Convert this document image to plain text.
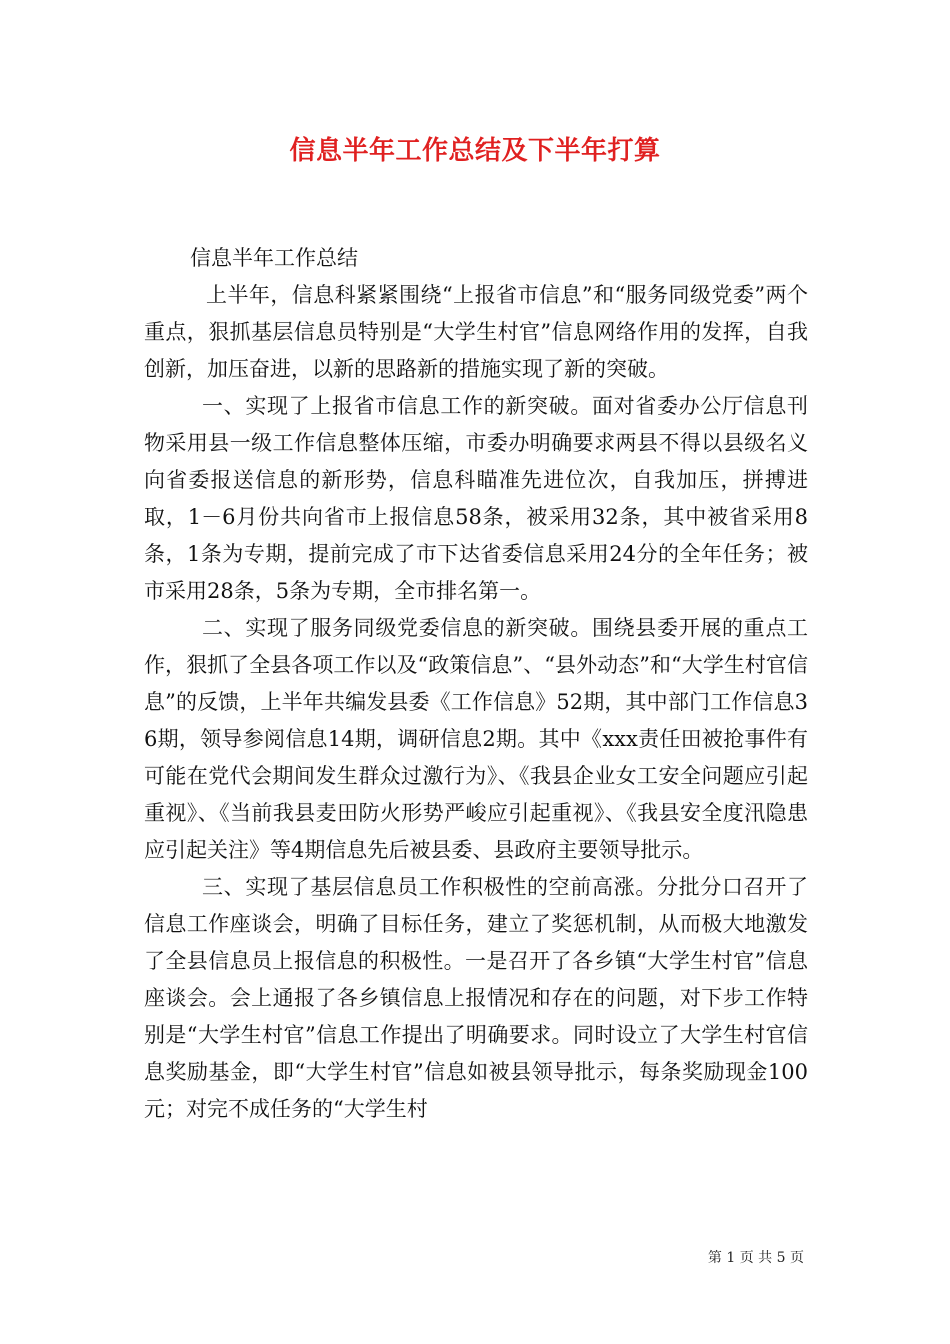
信息半年工作总结及下半年打算

信息半年工作总结

上半年，信息科紧紧围绕“上报省市信息”和“服务同级党委”两个重点，狠抓基层信息员特别是“大学生村官”信息网络作用的发挥，自我创新，加压奋进，以新的思路新的措施实现了新的突破。

一、实现了上报省市信息工作的新突破。面对省委办公厅信息刊物采用县一级工作信息整体压缩，市委办明确要求两县不得以县级名义向省委报送信息的新形势，信息科瞄准先进位次，自我加压，拼搏进取，1－6月份共向省市上报信息58条，被采用32条，其中被省采用8条，1条为专期，提前完成了市下达省委信息采用24分的全年任务；被市采用28条，5条为专期，全市排名第一。

二、实现了服务同级党委信息的新突破。围绕县委开展的重点工作，狠抓了全县各项工作以及“政策信息”、“县外动态”和“大学生村官信息”的反馈，上半年共编发县委《工作信息》52期，其中部门工作信息36期，领导参阅信息14期，调研信息2期。其中《xxx责任田被抢事件有可能在党代会期间发生群众过激行为》、《我县企业女工安全问题应引起重视》、《当前我县麦田防火形势严峻应引起重视》、《我县安全度汛隐患应引起关注》等4期信息先后被县委、县政府主要领导批示。

三、实现了基层信息员工作积极性的空前高涨。分批分口召开了信息工作座谈会，明确了目标任务，建立了奖惩机制，从而极大地激发了全县信息员上报信息的积极性。一是召开了各乡镇“大学生村官”信息座谈会。会上通报了各乡镇信息上报情况和存在的问题，对下步工作特别是“大学生村官”信息工作提出了明确要求。同时设立了大学生村官信息奖励基金，即“大学生村官”信息如被县领导批示，每条奖励现金100元；对完不成任务的“大学生村

第 1 页 共 5 页
